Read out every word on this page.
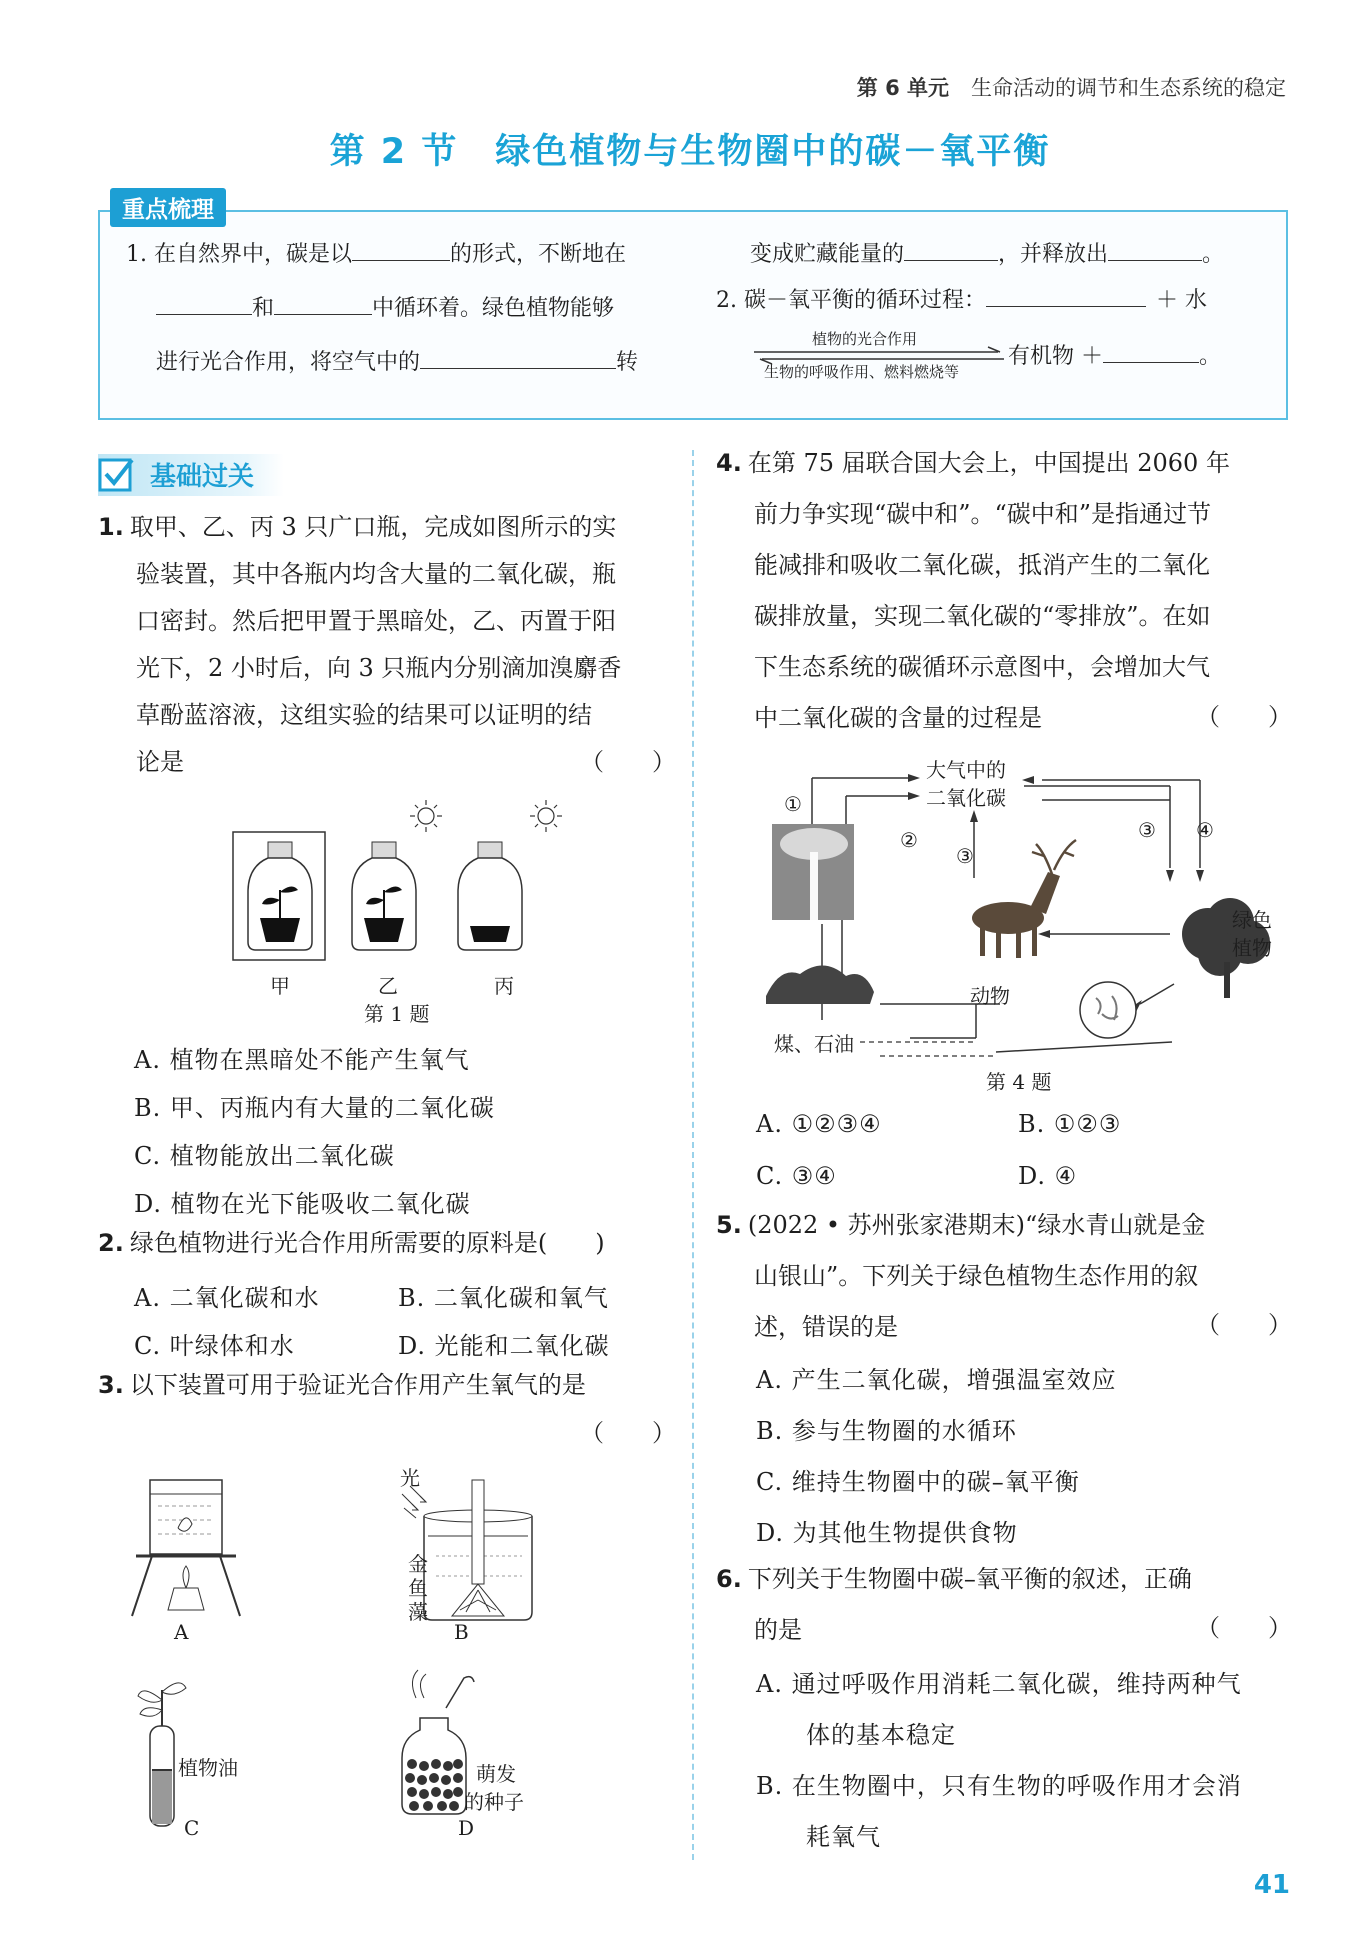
第 6 单元 生命活动的调节和生态系统的稳定
第 2 节　绿色植物与生物圈中的碳－氧平衡
重点梳理
1. 在自然界中，碳是以	的形式，不断地在
和	中循环着。绿色植物能够
进行光合作用，将空气中的	转
变成贮藏能量的	，并释放出	。
2. 碳－氧平衡的循环过程：	＋ 水
植物的光合作用
生物的呼吸作用、燃料燃烧等
有机物 ＋	。
基础过关
1. 取甲、乙、丙 3 只广口瓶，完成如图所示的实
验装置，其中各瓶内均含大量的二氧化碳，瓶
口密封。然后把甲置于黑暗处，乙、丙置于阳
光下，2 小时后，向 3 只瓶内分别滴加溴麝香
草酚蓝溶液，这组实验的结果可以证明的结
论是	（　　）
甲	乙	丙
第 1 题
A. 植物在黑暗处不能产生氧气
B. 甲、丙瓶内有大量的二氧化碳
C. 植物能放出二氧化碳
D. 植物在光下能吸收二氧化碳
2. 绿色植物进行光合作用所需要的原料是(　　)
A. 二氧化碳和水	B. 二氧化碳和氧气
C. 叶绿体和水	D. 光能和二氧化碳
3. 以下装置可用于验证光合作用产生氧气的是
（　　）
A
光
金鱼藻
B
植物油
C
萌发
的种子
D
4. 在第 75 届联合国大会上，中国提出 2060 年
前力争实现“碳中和”。“碳中和”是指通过节
能减排和吸收二氧化碳，抵消产生的二氧化
碳排放量，实现二氧化碳的“零排放”。在如
下生态系统的碳循环示意图中，会增加大气
中二氧化碳的含量的过程是	（　　）
大气中的
二氧化碳
①
②
③
③ ④
绿色
植物
动物
煤、石油
第 4 题
A. ①②③④	B. ①②③
C. ③④	D. ④
5. (2022 • 苏州张家港期末)“绿水青山就是金
山银山”。下列关于绿色植物生态作用的叙
述，错误的是	（　　）
A. 产生二氧化碳，增强温室效应
B. 参与生物圈的水循环
C. 维持生物圈中的碳–氧平衡
D. 为其他生物提供食物
6. 下列关于生物圈中碳–氧平衡的叙述，正确
的是	（　　）
A. 通过呼吸作用消耗二氧化碳，维持两种气
　　体的基本稳定
B. 在生物圈中，只有生物的呼吸作用才会消
　　耗氧气
41
